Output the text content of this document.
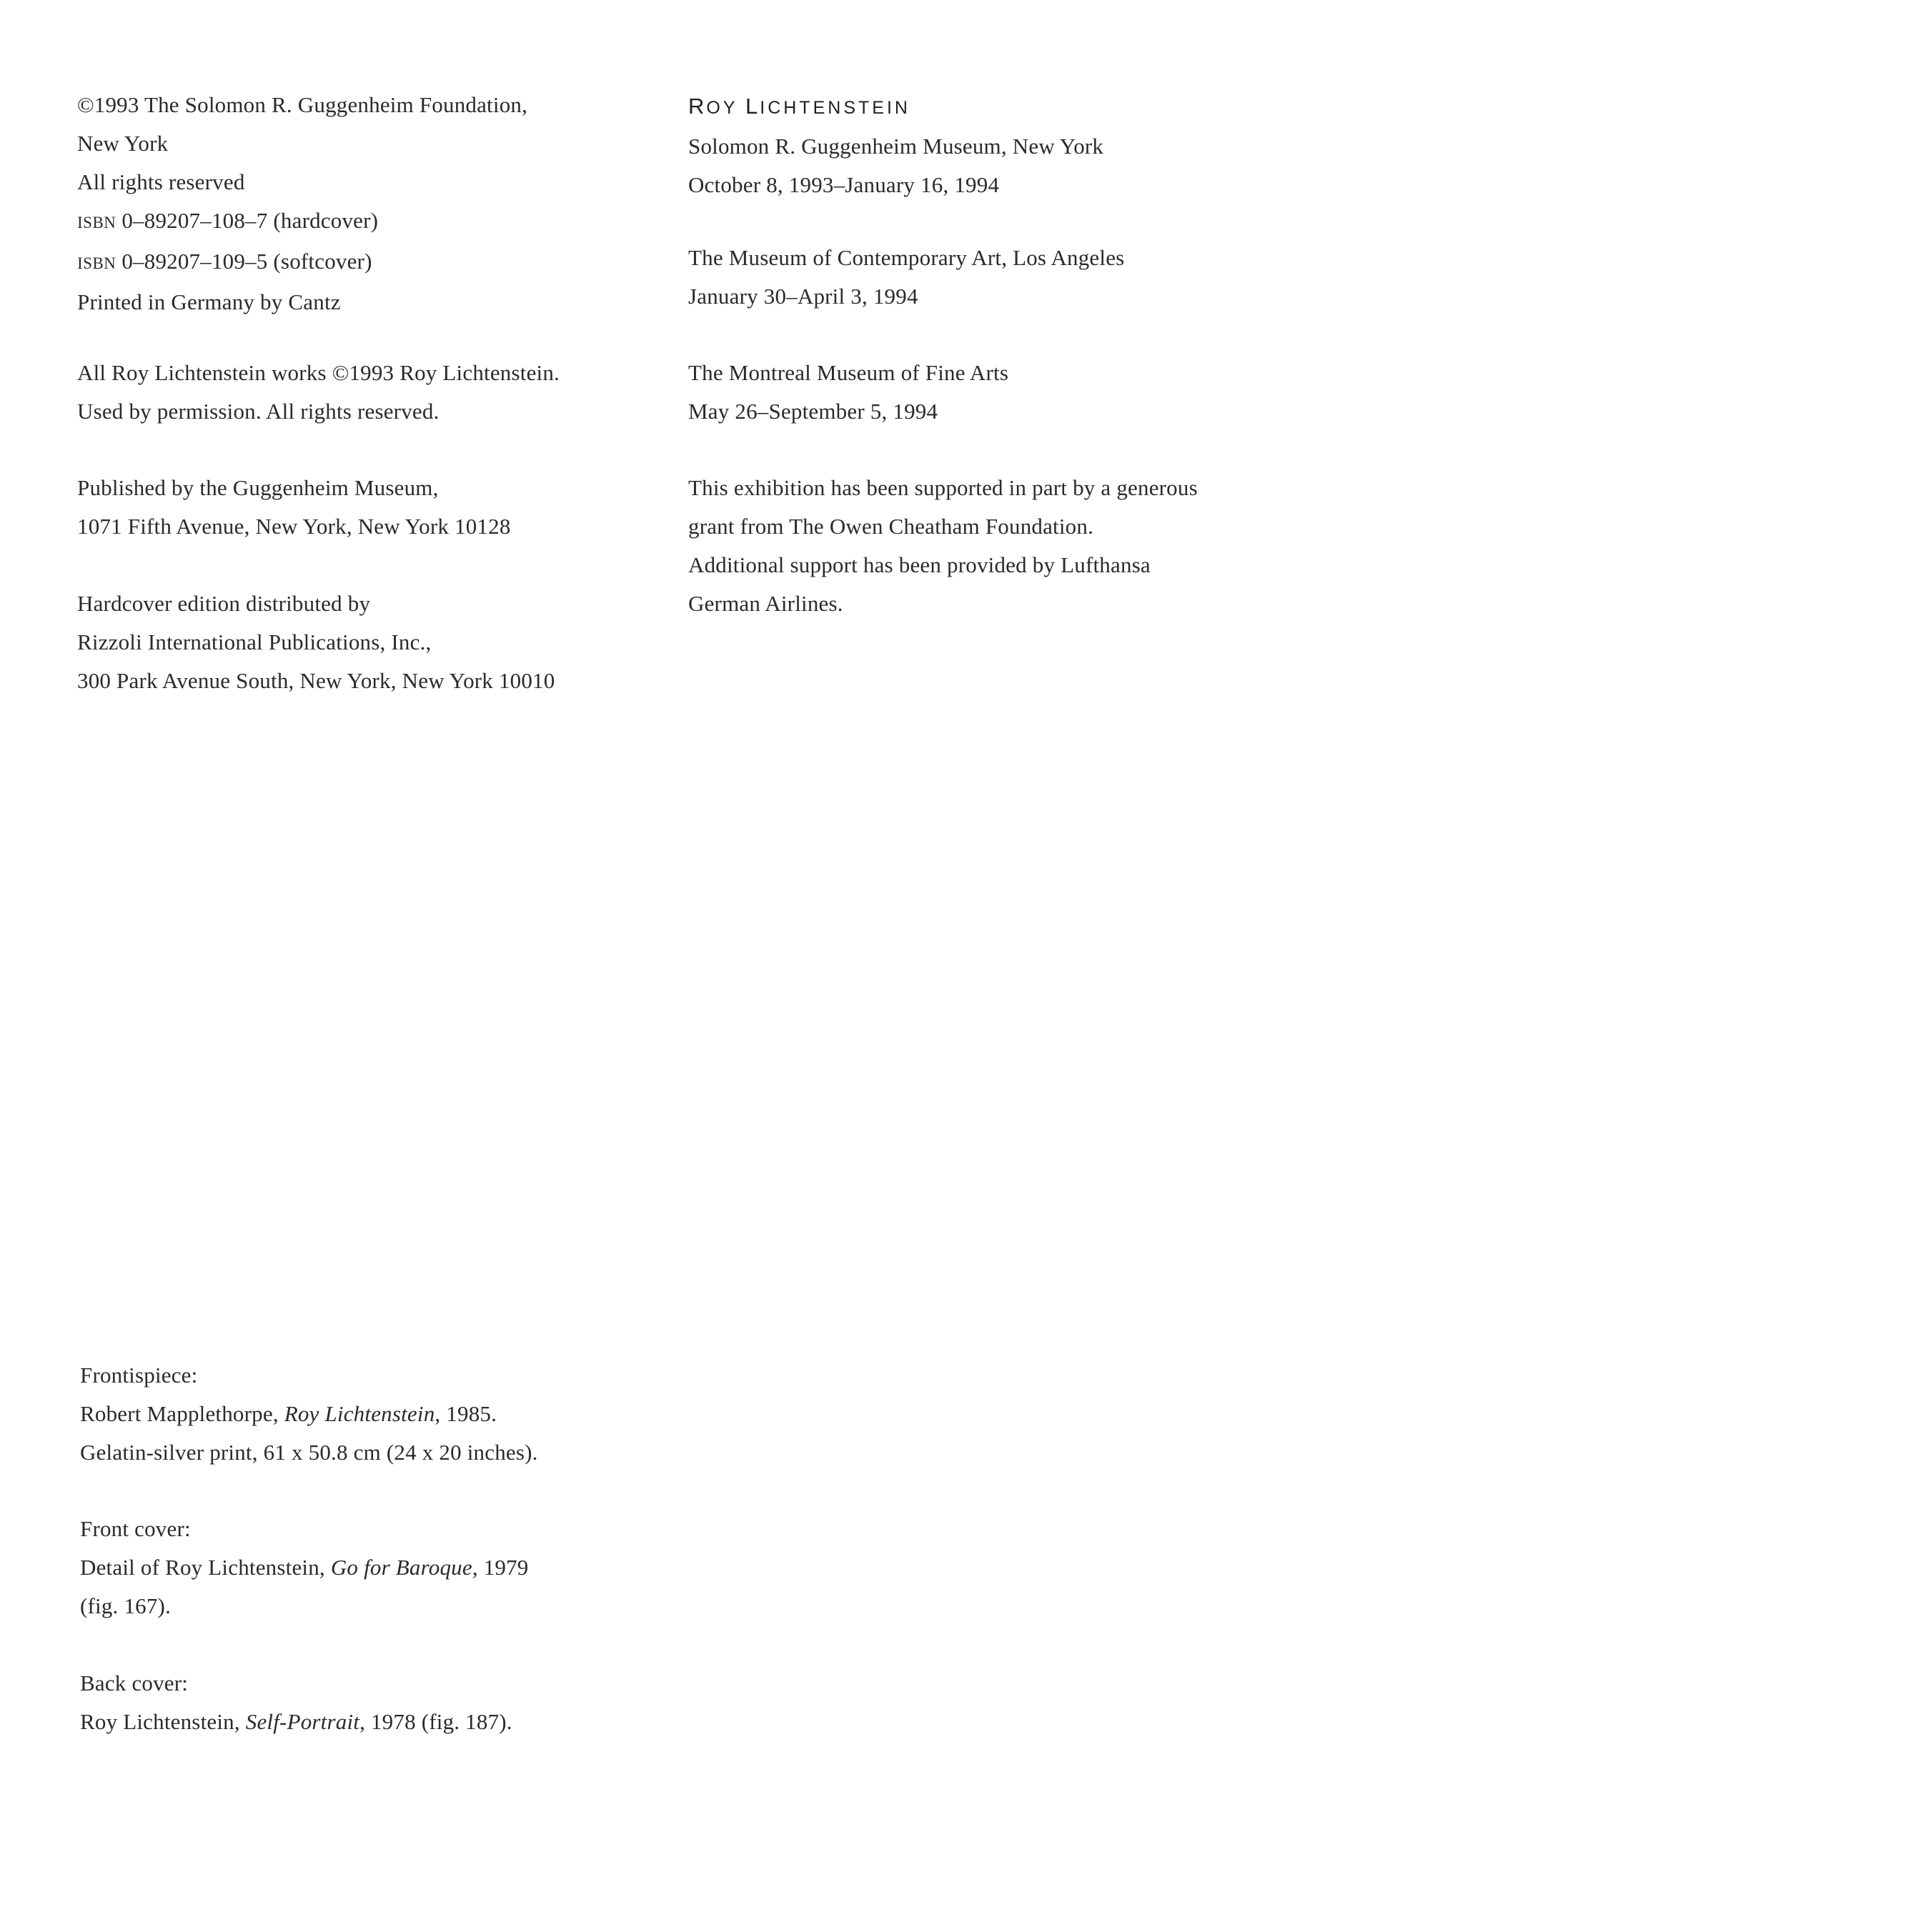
©1993 The Solomon R. Guggenheim Foundation,
New York
All rights reserved
ISBN 0–89207–108–7 (hardcover)
ISBN 0–89207–109–5 (softcover)
Printed in Germany by Cantz
All Roy Lichtenstein works ©1993 Roy Lichtenstein.
Used by permission. All rights reserved.
Published by the Guggenheim Museum,
1071 Fifth Avenue, New York, New York 10128
Hardcover edition distributed by
Rizzoli International Publications, Inc.,
300 Park Avenue South, New York, New York 10010
ROY LICHTENSTEIN
Solomon R. Guggenheim Museum, New York
October 8, 1993–January 16, 1994
The Museum of Contemporary Art, Los Angeles
January 30–April 3, 1994
The Montreal Museum of Fine Arts
May 26–September 5, 1994
This exhibition has been supported in part by a generous
grant from The Owen Cheatham Foundation.
Additional support has been provided by Lufthansa
German Airlines.
Frontispiece:
Robert Mapplethorpe, Roy Lichtenstein, 1985.
Gelatin-silver print, 61 x 50.8 cm (24 x 20 inches).
Front cover:
Detail of Roy Lichtenstein, Go for Baroque, 1979
(fig. 167).
Back cover:
Roy Lichtenstein, Self-Portrait, 1978 (fig. 187).
